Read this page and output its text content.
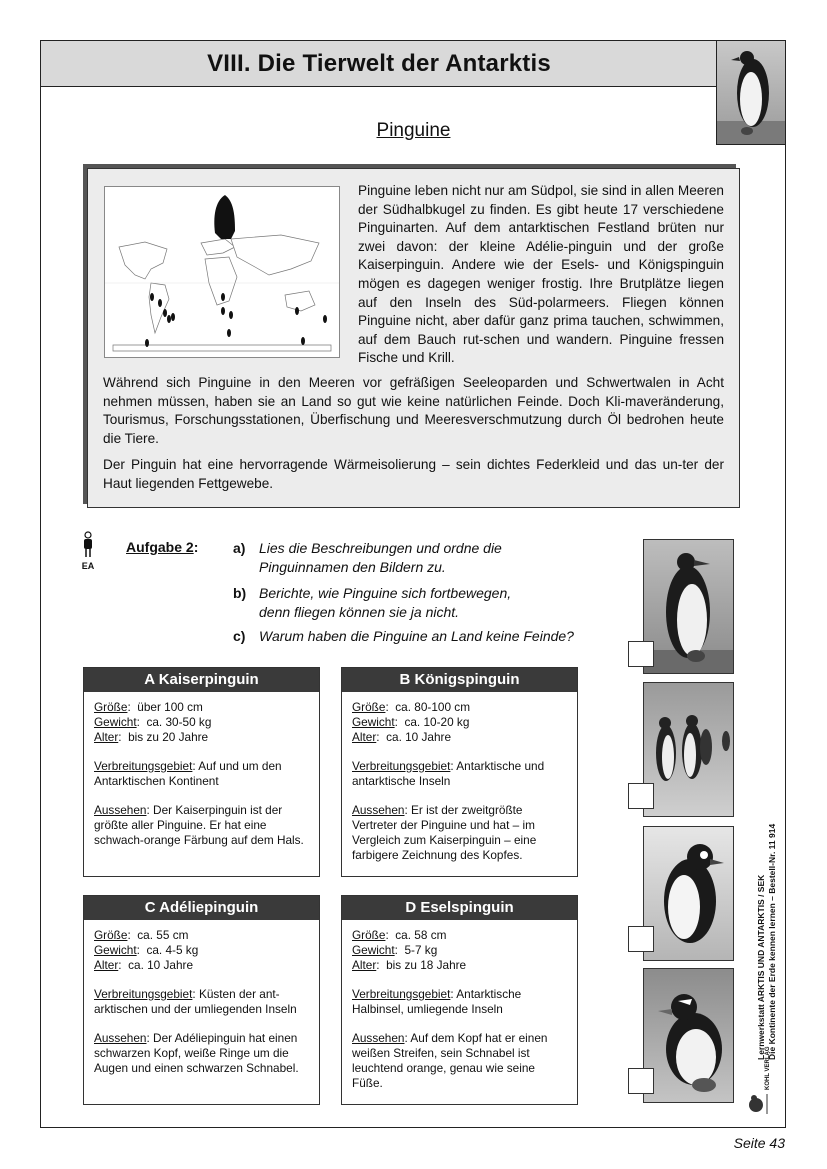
VIII. Die Tierwelt der Antarktis
Pinguine
Pinguine leben nicht nur am Südpol, sie sind in allen Meeren der Südhalbkugel zu finden. Es gibt heute 17 verschiedene Pinguinarten. Auf dem antarktischen Festland brüten nur zwei davon: der kleine Adélie-pinguin und der große Kaiserpinguin. Andere wie der Esels- und Königspinguin mögen es dagegen weniger frostig. Ihre Brutplätze liegen auf den Inseln des Süd-polarmeers. Fliegen können Pinguine nicht, aber dafür ganz prima tauchen, schwimmen, auf dem Bauch rut-schen und wandern. Pinguine fressen Fische und Krill.
Während sich Pinguine in den Meeren vor gefräßigen Seeleoparden und Schwertwalen in Acht nehmen müssen, haben sie an Land so gut wie keine natürlichen Feinde. Doch Kli-maveränderung, Tourismus, Forschungsstationen, Überfischung und Meeresverschmutzung durch Öl bedrohen heute die Tiere.
Der Pinguin hat eine hervorragende Wärmeisolierung – sein dichtes Federkleid und das un-ter der Haut liegenden Fettgewebe.
EA
Aufgabe 2: a) Lies die Beschreibungen und ordne die
Pinguinnamen den Bildern zu.
b) Berichte, wie Pinguine sich fortbewegen,
denn fliegen können sie ja nicht.
c) Warum haben die Pinguine an Land keine Feinde?
A Kaiserpinguin

Größe:  über 100 cm
Gewicht:  ca. 30-50 kg
Alter:  bis zu 20 Jahre

Verbreitungsgebiet: Auf und um den Antarktischen Kontinent

Aussehen: Der Kaiserpinguin ist der größte aller Pinguine. Er hat eine schwach-orange Färbung auf dem Hals.

B Königspinguin

Größe:  ca. 80-100 cm
Gewicht:  ca. 10-20 kg
Alter:  ca. 10 Jahre

Verbreitungsgebiet: Antarktische und antarktische Inseln

Aussehen: Er ist der zweitgrößte Vertreter der Pinguine und hat – im Vergleich zum Kaiserpinguin – eine farbigere Zeichnung des Kopfes.

C Adéliepinguin

Größe:  ca. 55 cm
Gewicht:  ca. 4-5 kg
Alter:  ca. 10 Jahre

Verbreitungsgebiet: Küsten der ant-arktischen und der umliegenden Inseln

Aussehen: Der Adéliepinguin hat einen schwarzen Kopf, weiße Ringe um die Augen und einen schwarzen Schnabel.

D Eselspinguin

Größe:  ca. 58 cm
Gewicht:  5-7 kg
Alter:  bis zu 18 Jahre

Verbreitungsgebiet: Antarktische Halbinsel, umliegende Inseln

Aussehen: Auf dem Kopf hat er einen weißen Streifen, sein Schnabel ist leuchtend orange, genau wie seine Füße.

Lernwerkstatt ARKTIS UND ANTARKTIS / SEK Die Kontinente der Erde kennen lernen – Bestell-Nr. 11 914
KOHL VERLAG
Seite 43
